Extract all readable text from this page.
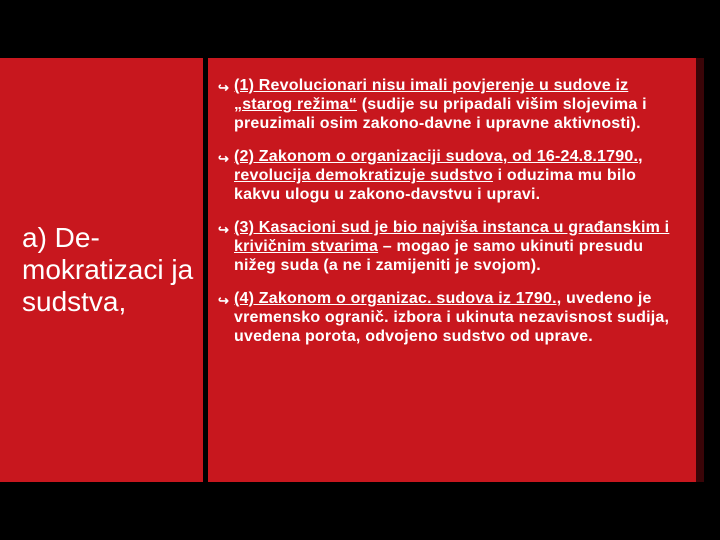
a) De-mokratizaci ja sudstva,
↪ (1) Revolucionari nisu imali povjerenje u sudove iz „starog režima“ (sudije su pripadali višim slojevima i preuzimali osim zakono-davne i upravne aktivnosti).

↪ (2) Zakonom o organizaciji sudova, od 16-24.8.1790., revolucija demokratizuje sudstvo i oduzima mu bilo kakvu ulogu u zakono-davstvu i upravi.

↪ (3) Kasacioni sud je bio najviša instanca u građanskim i krivičnim stvarima – mogao je samo ukinuti presudu nižeg suda (a ne i zamijeniti je svojom).

↪ (4) Zakonom o organizac. sudova iz 1790., uvedeno je vremensko ogranič. izbora i ukinuta nezavisnost sudija, uvedena porota, odvojeno sudstvo od uprave.
